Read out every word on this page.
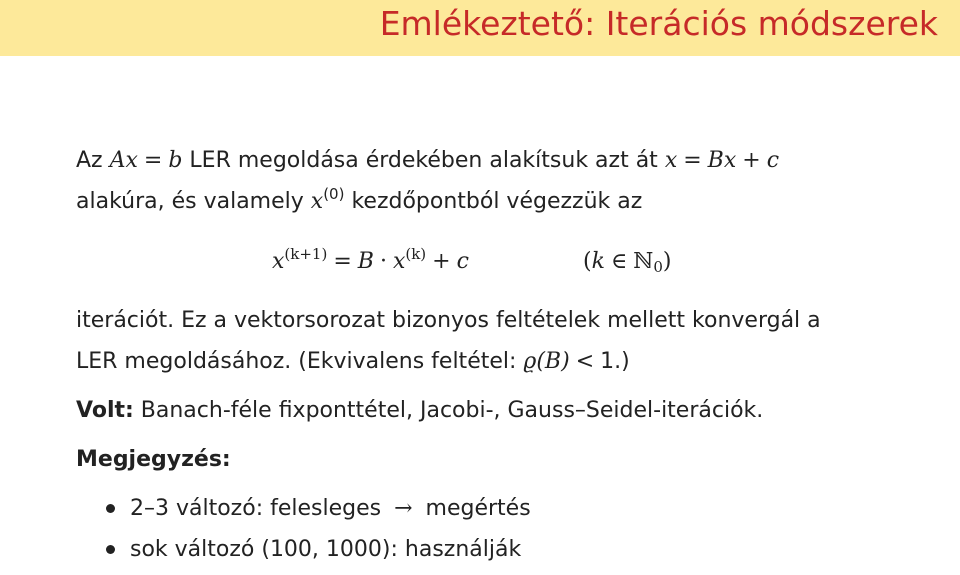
Emlékeztető: Iterációs módszerek
Az Ax = b LER megoldása érdekében alakítsuk azt át x = Bx + c
alakúra, és valamely $x^{(0)}$ kezdőpontból végezzük az
$x^{(k+1)} = B \cdot x^{(k)} + c$	(k ∈ ℕ$_0$)
iterációt. Ez a vektorsorozat bizonyos feltételek mellett konvergál a
LER megoldásához. (Ekvivalens feltétel: ϱ(B) < 1.)
Volt: Banach-féle fixponttétel, Jacobi-, Gauss–Seidel-iterációk.
Megjegyzés:
2–3 változó: felesleges → megértés
sok változó (100, 1000): használják
